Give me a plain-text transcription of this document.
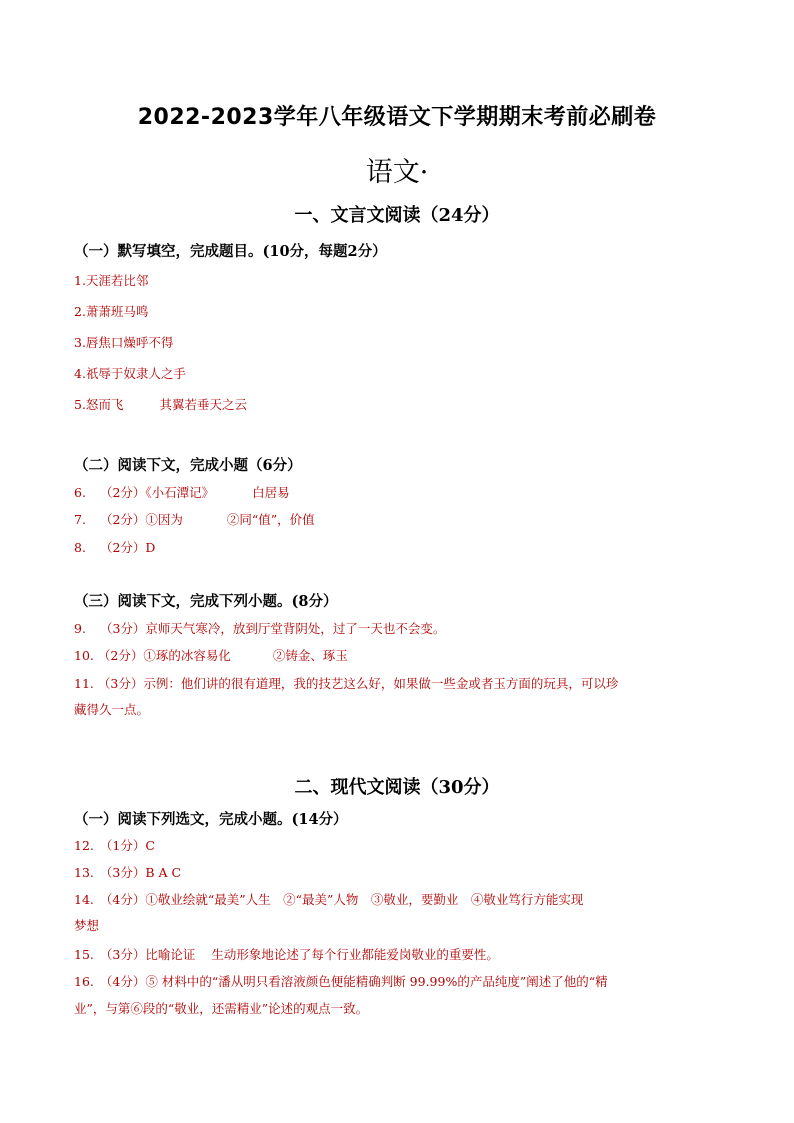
2022-2023学年八年级语文下学期期末考前必刷卷
语文·
一、文言文阅读（24分）
（一）默写填空，完成题目。(10分，每题2分）
1.天涯若比邻
2.萧萧班马鸣
3.唇焦口燥呼不得
4.祇辱于奴隶人之手
5.怒而飞	其翼若垂天之云
（二）阅读下文，完成小题（6分）
6. （2分）《小石潭记》	白居易
7. （2分）①因为	②同“值”，价值
8. （2分）D
（三）阅读下文，完成下列小题。(8分）
9. （3分）京师天气寒冷，放到厅堂背阴处，过了一天也不会变。
10. （2分）①琢的冰容易化	②铸金、琢玉
11. （3分）示例：他们讲的很有道理，我的技艺这么好，如果做一些金或者玉方面的玩具，可以珍
藏得久一点。
二、现代文阅读（30分）
（一）阅读下列选文，完成小题。(14分）
12. （1分）C
13. （3分）B A C
14. （4分）①敬业绘就“最美”人生　②“最美”人物　③敬业，要勤业　④敬业笃行方能实现
梦想
15. （3分）比喻论证 生动形象地论述了每个行业都能爱岗敬业的重要性。
16. （4分）⑤ 材料中的“潘从明只看溶液颜色便能精确判断 99.99%的产品纯度”阐述了他的“精
业”，与第⑥段的“敬业，还需精业”论述的观点一致。
